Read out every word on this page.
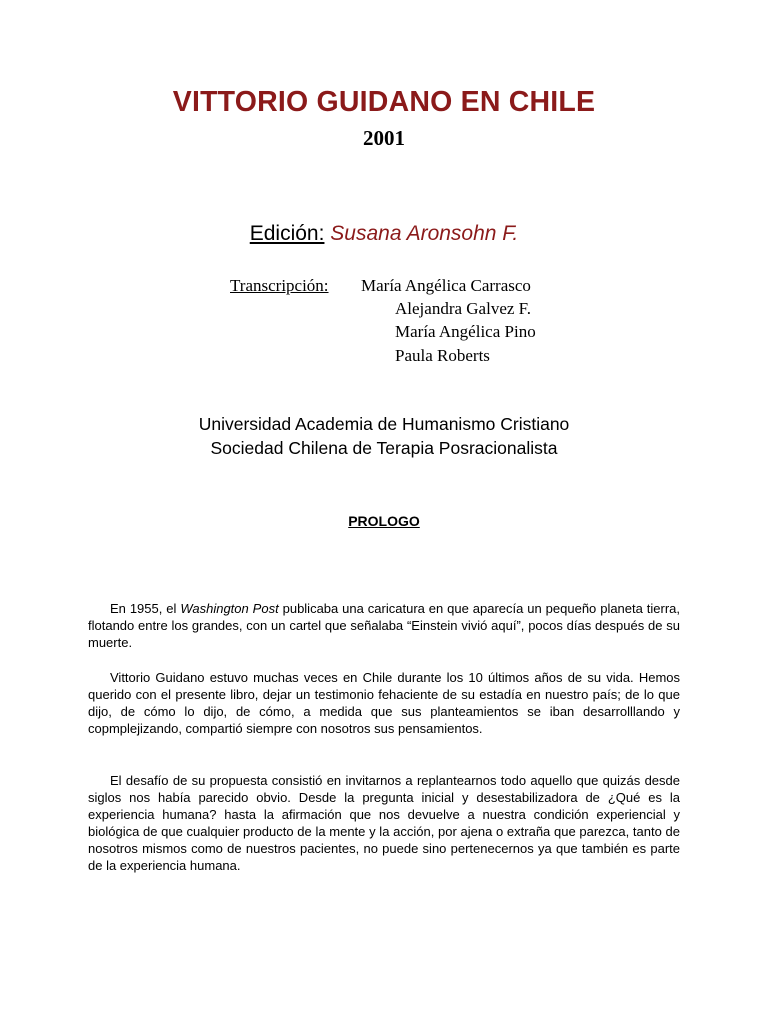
VITTORIO GUIDANO EN CHILE
2001
Edición: Susana Aronsohn F.
Transcripción: María Angélica Carrasco
Alejandra Galvez F.
María Angélica Pino
Paula Roberts
Universidad Academia de Humanismo Cristiano
Sociedad Chilena de Terapia Posracionalista
PROLOGO

En 1955, el Washington Post publicaba una caricatura en que aparecía un pequeño planeta tierra, flotando entre los grandes, con un cartel que señalaba “Einstein vivió aquí”, pocos días después de su muerte.

Vittorio Guidano estuvo muchas veces en Chile durante los 10 últimos años de su vida. Hemos querido con el presente libro, dejar un testimonio fehaciente de su estadía en nuestro país; de lo que dijo, de cómo lo dijo, de cómo, a medida que sus planteamientos se iban desarrolllando y copmplejizando, compartió siempre con nosotros sus pensamientos.

El desafío de su propuesta consistió en invitarnos a replantearnos todo aquello que quizás desde siglos nos había parecido obvio. Desde la pregunta inicial y desestabilizadora de ¿Qué es la experiencia humana? hasta la afirmación que nos devuelve a nuestra condición experiencial y biológica de que cualquier producto de la mente y la acción, por ajena o extraña que parezca, tanto de nosotros mismos como de nuestros pacientes, no puede sino pertenecernos ya que también es parte de la experiencia humana.
